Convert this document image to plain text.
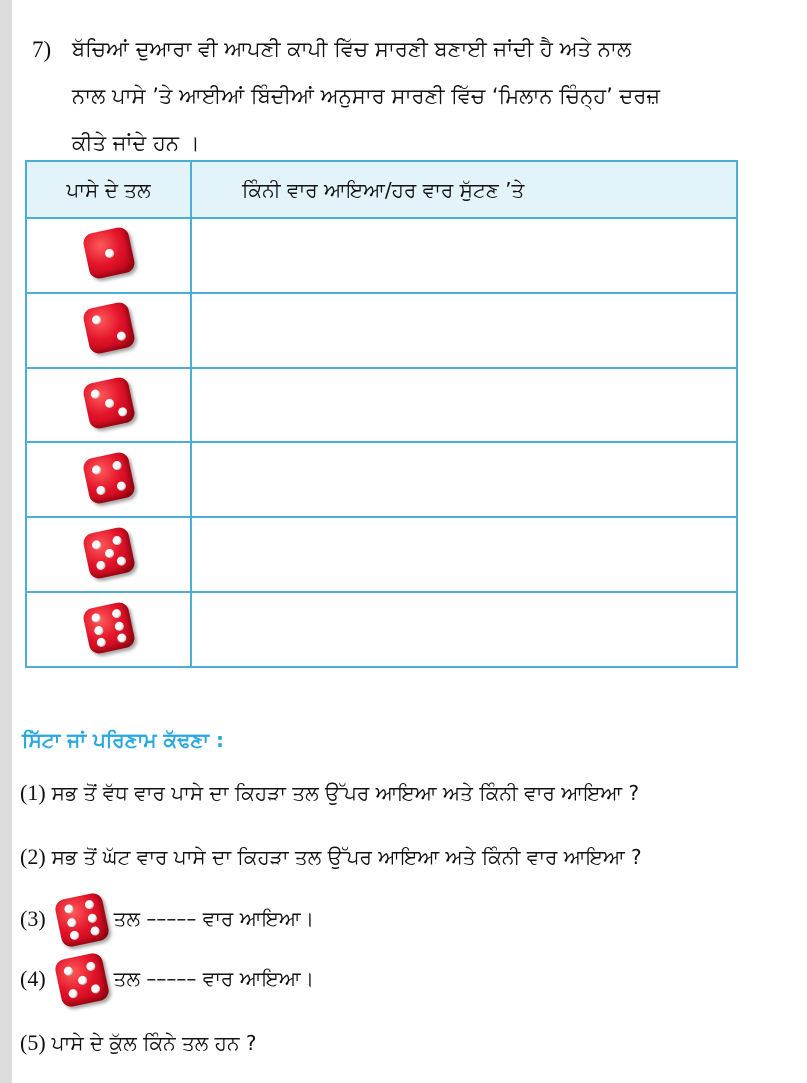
7) ਬੱਚਿਆਂ ਦੁਆਰਾ ਵੀ ਆਪਣੀ ਕਾਪੀ ਵਿੱਚ ਸਾਰਣੀ ਬਣਾਈ ਜਾਂਦੀ ਹੈ ਅਤੇ ਨਾਲ
ਨਾਲ ਪਾਸੇ ’ਤੇ ਆਈਆਂ ਬਿੰਦੀਆਂ ਅਨੁਸਾਰ ਸਾਰਣੀ ਵਿੱਚ ‘ਮਿਲਾਨ ਚਿੰਨ੍ਹ’ ਦਰਜ਼
ਕੀਤੇ ਜਾਂਦੇ ਹਨ ।
ਪਾਸੇ ਦੇ ਤਲ	ਕਿੰਨੀ ਵਾਰ ਆਇਆ/ਹਰ ਵਾਰ ਸੁੱਟਣ ’ਤੇ

ਸਿੱਟਾ ਜਾਂ ਪਰਿਣਾਮ ਕੱਢਣਾ :
(1) ਸਭ ਤੋਂ ਵੱਧ ਵਾਰ ਪਾਸੇ ਦਾ ਕਿਹੜਾ ਤਲ ਉੱਪਰ ਆਇਆ ਅਤੇ ਕਿੰਨੀ ਵਾਰ ਆਇਆ ?
(2) ਸਭ ਤੋਂ ਘੱਟ ਵਾਰ ਪਾਸੇ ਦਾ ਕਿਹੜਾ ਤਲ ਉੱਪਰ ਆਇਆ ਅਤੇ ਕਿੰਨੀ ਵਾਰ ਆਇਆ ?
(3)	ਤਲ ––––– ਵਾਰ ਆਇਆ।
(4)	ਤਲ ––––– ਵਾਰ ਆਇਆ।
(5) ਪਾਸੇ ਦੇ ਕੁੱਲ ਕਿੰਨੇ ਤਲ ਹਨ ?
